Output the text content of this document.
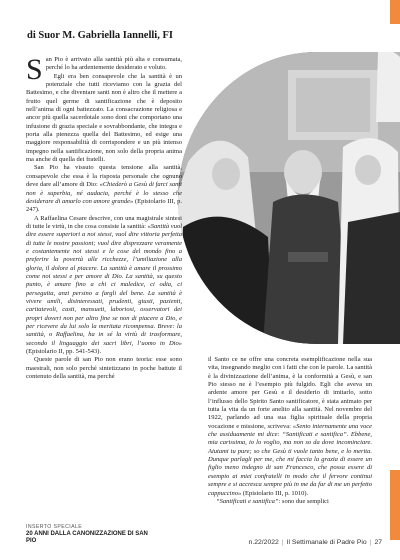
di Suor M. Gabriella Iannelli, FI

San Pio è arrivato alla santità più alta e consumata, perché lo ha ardentemente desiderato e voluto.

Egli era ben consapevole che la santità è un potenziale che tutti riceviamo con la grazia del Battesimo, e che diventare santi non è altro che il mettere a frutto quel germe di santificazione che è deposito nell’anima di ogni battezzato. La consacrazione religiosa e ancor più quella sacerdotale sono doni che comportano una infusione di grazia speciale e sovrabbondante, che integra e porta alla pienezza quella del Battesimo, ed esige una maggiore responsabilità di corrispondere e un più intenso impegno nella santificazione, non solo della propria anima ma anche di quella dei fratelli.

San Pio ha vissuto questa tensione alla santità, consapevole che essa è la risposta personale che ognuno deve dare all’amore di Dio: «Chiederò a Gesù di farci santi non è superbia, né audacia, perché è lo stesso che desiderare di amarlo con amore grande» (Epistolario III, p. 247).

A Raffaelina Cesare descrive, con una magistrale sintesi di tutte le virtù, in che cosa consiste la santità: «Santità vuol dire essere superiori a noi stessi, vuol dire vittoria perfetta di tutte le nostre passioni; vuol dire disprezzare veramente e costantemente noi stessi e le cose del mondo fino a preferire la povertà alle ricchezze, l’umiliazione alla gloria, il dolore al piacere. La santità è amare il prossimo come noi stessi e per amore di Dio. La santità, su questo punto, è amare fino a chi ci maledice, ci odia, ci perseguita, anzi persino a fargli del bene. La santità è vivere umili, disinteressati, prudenti, giusti, pazienti, caritatevoli, casti, mansueti, laboriosi, osservatori dei propri doveri non per altro fine se non di piacere a Dio, e per ricevere da lui solo la meritata ricompensa. Breve: la santità, o Raffaelina, ha in sé la virtù di trasformare, secondo il linguaggio dei sacri libri, l’uomo in Dio» (Epistolario II, pp. 541-543).

Queste parole di san Pio non erano teoria: esse sono maestrali, non solo perché sintetizzano in poche battute il contenuto della santità, ma perché

il Santo ce ne offre una concreta esemplificazione nella sua vita, insegnando meglio con i fatti che con le parole. La santità è la divinizzazione dell’anima, è la conformità a Gesù, e san Pio stesso ne è l’esempio più fulgido. Egli che aveva un ardente amore per Gesù e il desiderio di imitarlo, sotto l’influsso dello Spirito Santo santificatore, è stata animato per tutta la vita da un forte anelito alla santità. Nel novembre del 1922, parlando ad una sua figlia spirituale della propria vocazione e missione, scriveva: «Sento internamente una voce che assiduamente mi dice: “Santificati e santifica”. Ebbene, mia carissima, io lo voglio, ma non so da dove incominciare. Aiutami tu pure; so che Gesù ti vuole tanto bene, e lo merita. Dunque parlagli per me, che mi faccia la grazia di essere un figlio meno indegno di san Francesco, che possa essere di esempio ai miei confratelli in modo che il fervore continui sempre e si accresca sempre più in me da far di me un perfetto cappuccino» (Epistolario III, p. 1010).

“Santificati e santifica”: sono due semplici

INSERTO SPECIALE
20 ANNI DALLA CANONIZZAZIONE DI SAN PIO	n.22/2022 | Il Settimanale di Padre Pio | 27
